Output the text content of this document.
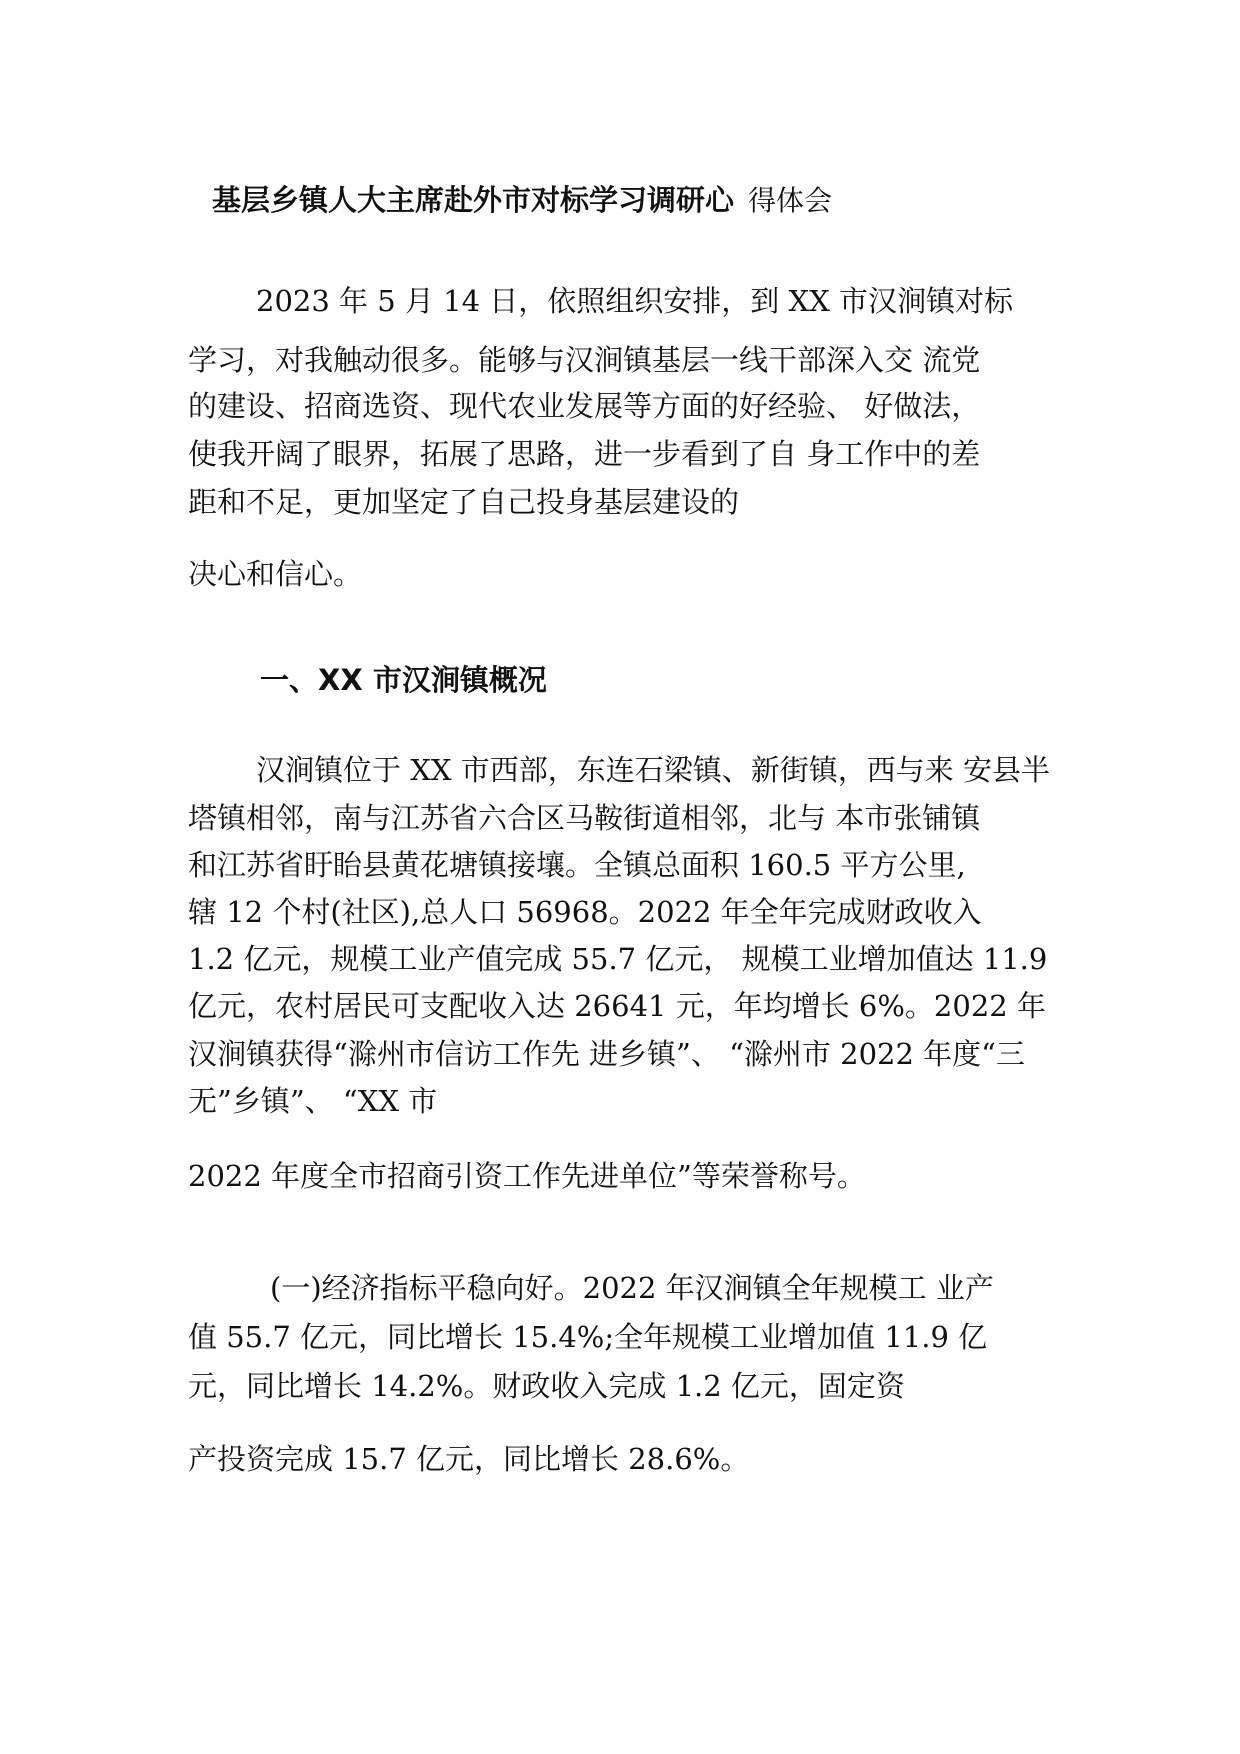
基层乡镇人大主席赴外市对标学习调研心 得体会
2023 年 5 月 14 日，依照组织安排，到 XX 市汉涧镇对标
学习，对我触动很多。能够与汉涧镇基层一线干部深入交 流党
的建设、招商选资、现代农业发展等方面的好经验、 好做法，
使我开阔了眼界，拓展了思路，进一步看到了自 身工作中的差
距和不足，更加坚定了自己投身基层建设的
决心和信心。
一、XX 市汉涧镇概况
汉涧镇位于 XX 市西部，东连石梁镇、新街镇，西与来 安县半
塔镇相邻，南与江苏省六合区马鞍街道相邻，北与 本市张铺镇
和江苏省盱眙县黄花塘镇接壤。全镇总面积 160.5 平方公里,
辖 12 个村(社区),总人口 56968。2022 年全年完成财政收入
1.2 亿元，规模工业产值完成 55.7 亿元， 规模工业增加值达 11.9
亿元，农村居民可支配收入达 26641 元，年均增长 6%。2022 年
汉涧镇获得“滁州市信访工作先 进乡镇”、 “滁州市 2022 年度“三
无”乡镇”、 “XX 市
2022 年度全市招商引资工作先进单位”等荣誉称号。
(一)经济指标平稳向好。2022 年汉涧镇全年规模工 业产
值 55.7 亿元，同比增长 15.4%;全年规模工业增加值 11.9 亿
元，同比增长 14.2%。财政收入完成 1.2 亿元，固定资
产投资完成 15.7 亿元，同比增长 28.6%。
